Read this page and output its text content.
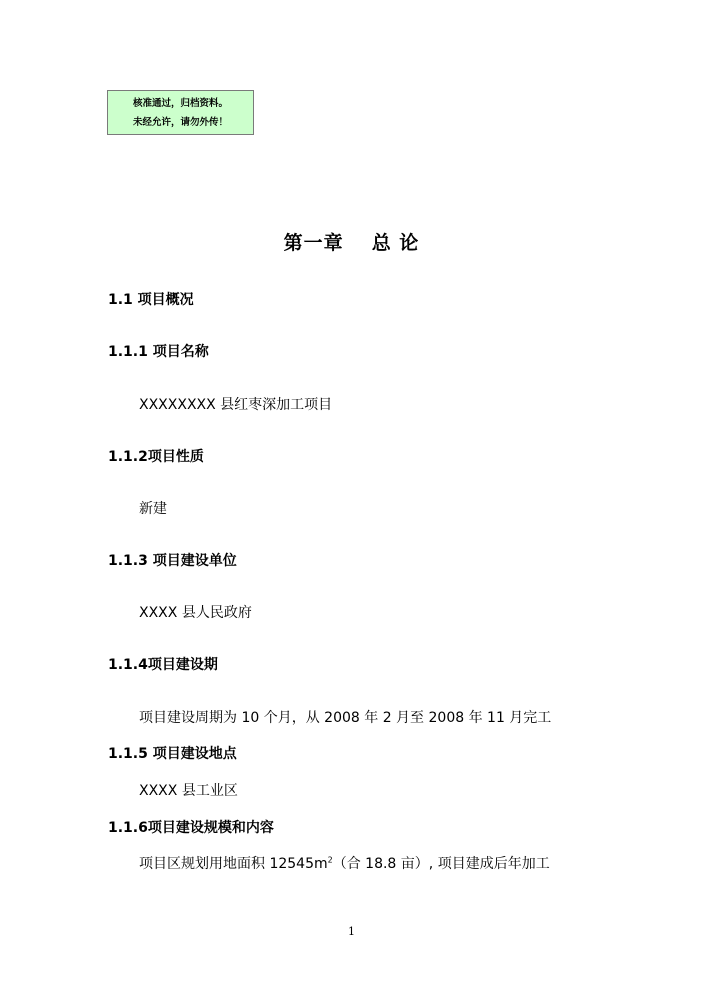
核准通过，归档资料。
未经允许，请勿外传！
第一章 总 论
1.1 项目概况
1.1.1 项目名称
XXXXXXXX 县红枣深加工项目
1.1.2项目性质
新建
1.1.3 项目建设单位
XXXX 县人民政府
1.1.4项目建设期
项目建设周期为 10 个月，从 2008 年 2 月至 2008 年 11 月完工
1.1.5 项目建设地点
XXXX 县工业区
1.1.6项目建设规模和内容
项目区规划用地面积 $12545m^2$（合 18.8 亩）, 项目建成后年加工
1
